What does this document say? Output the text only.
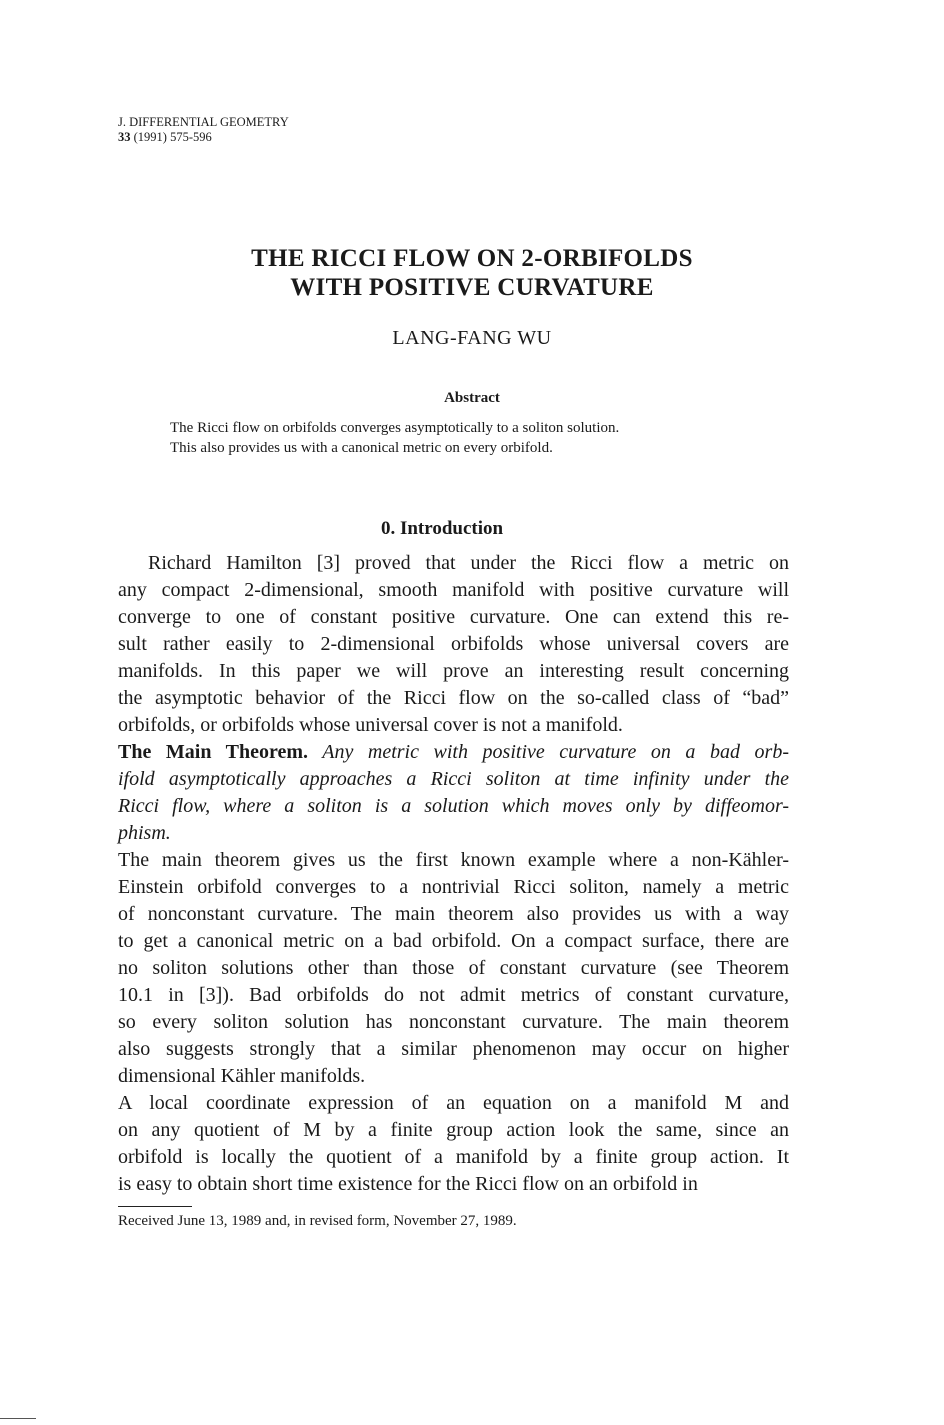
J. DIFFERENTIAL GEOMETRY
33 (1991) 575-596
THE RICCI FLOW ON 2-ORBIFOLDS
WITH POSITIVE CURVATURE
LANG-FANG WU
Abstract
The Ricci flow on orbifolds converges asymptotically to a soliton solution.
This also provides us with a canonical metric on every orbifold.
0. Introduction
Richard Hamilton [3] proved that under the Ricci flow a metric on
any compact 2-dimensional, smooth manifold with positive curvature will
converge to one of constant positive curvature. One can extend this re-
sult rather easily to 2-dimensional orbifolds whose universal covers are
manifolds. In this paper we will prove an interesting result concerning
the asymptotic behavior of the Ricci flow on the so-called class of “bad”
orbifolds, or orbifolds whose universal cover is not a manifold.
The Main Theorem. Any metric with positive curvature on a bad orb-
ifold asymptotically approaches a Ricci soliton at time infinity under the
Ricci flow, where a soliton is a solution which moves only by diffeomor-
phism.
The main theorem gives us the first known example where a non-Kähler-
Einstein orbifold converges to a nontrivial Ricci soliton, namely a metric
of nonconstant curvature. The main theorem also provides us with a way
to get a canonical metric on a bad orbifold. On a compact surface, there are
no soliton solutions other than those of constant curvature (see Theorem
10.1 in [3]). Bad orbifolds do not admit metrics of constant curvature,
so every soliton solution has nonconstant curvature. The main theorem
also suggests strongly that a similar phenomenon may occur on higher
dimensional Kähler manifolds.
A local coordinate expression of an equation on a manifold M and
on any quotient of M by a finite group action look the same, since an
orbifold is locally the quotient of a manifold by a finite group action. It
is easy to obtain short time existence for the Ricci flow on an orbifold in
Received June 13, 1989 and, in revised form, November 27, 1989.
